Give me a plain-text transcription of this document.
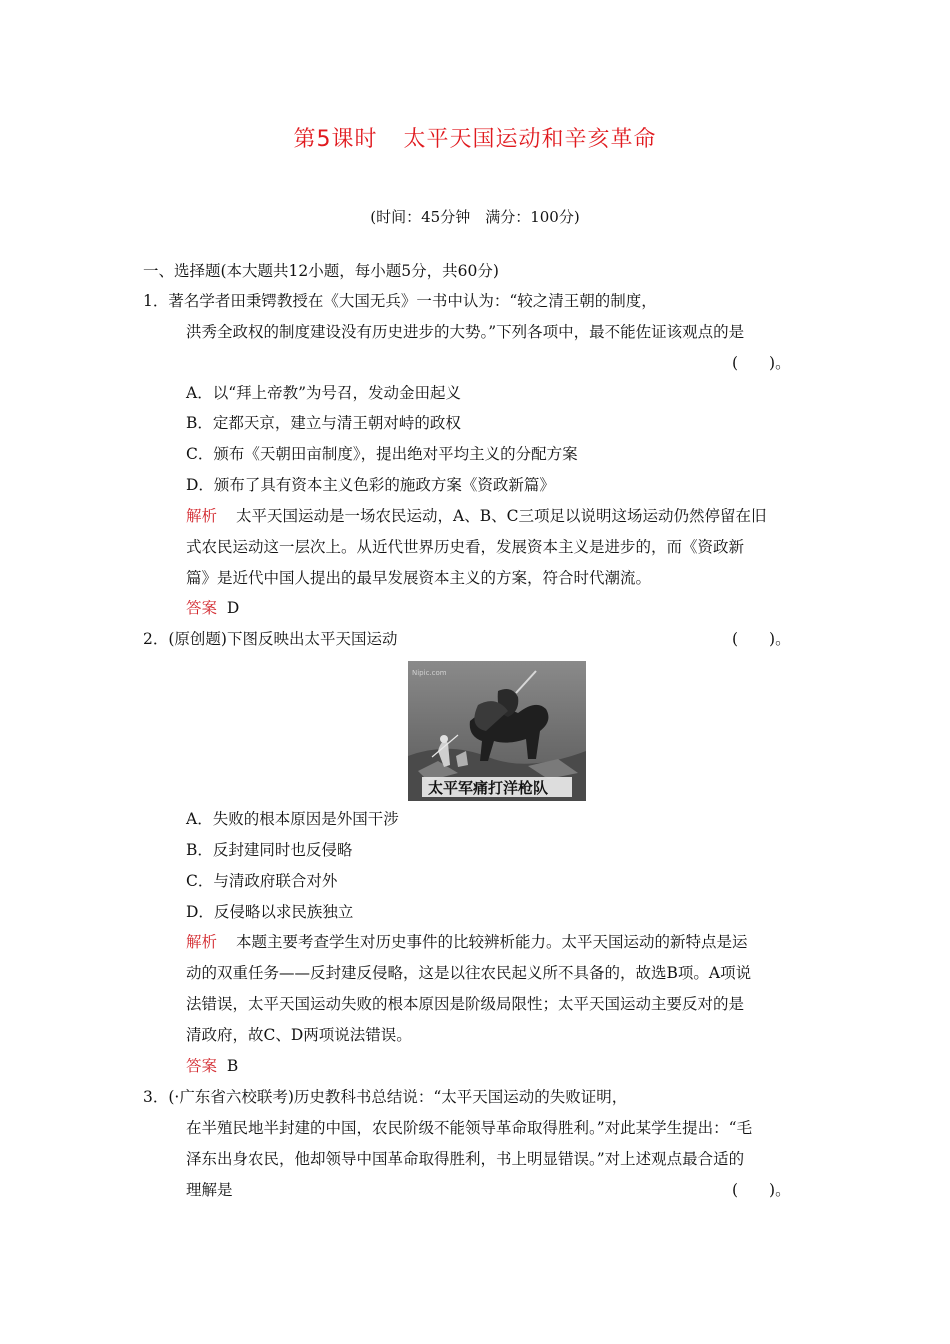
第5课时 太平天国运动和辛亥革命
(时间：45分钟　满分：100分)
一、选择题(本大题共12小题，每小题5分，共60分)
1．著名学者田秉锷教授在《大国无兵》一书中认为：“较之清王朝的制度，
洪秀全政权的制度建设没有历史进步的大势。”下列各项中，最不能佐证该观点的是
(　　)。
A．以“拜上帝教”为号召，发动金田起义
B．定都天京，建立与清王朝对峙的政权
C．颁布《天朝田亩制度》，提出绝对平均主义的分配方案
D．颁布了具有资本主义色彩的施政方案《资政新篇》
解析 太平天国运动是一场农民运动，A、B、C三项足以说明这场运动仍然停留在旧
式农民运动这一层次上。从近代世界历史看，发展资本主义是进步的，而《资政新
篇》是近代中国人提出的最早发展资本主义的方案，符合时代潮流。
答案 D
2．(原创题)下图反映出太平天国运动	(　　)。
Nipic.com
太平军痛打洋枪队
A．失败的根本原因是外国干涉
B．反封建同时也反侵略
C．与清政府联合对外
D．反侵略以求民族独立
解析 本题主要考查学生对历史事件的比较辨析能力。太平天国运动的新特点是运
动的双重任务——反封建反侵略，这是以往农民起义所不具备的，故选B项。A项说
法错误，太平天国运动失败的根本原因是阶级局限性；太平天国运动主要反对的是
清政府，故C、D两项说法错误。
答案 B
3．(·广东省六校联考)历史教科书总结说：“太平天国运动的失败证明，
在半殖民地半封建的中国，农民阶级不能领导革命取得胜利。”对此某学生提出：“毛
泽东出身农民，他却领导中国革命取得胜利，书上明显错误。”对上述观点最合适的
理解是	(　　)。
